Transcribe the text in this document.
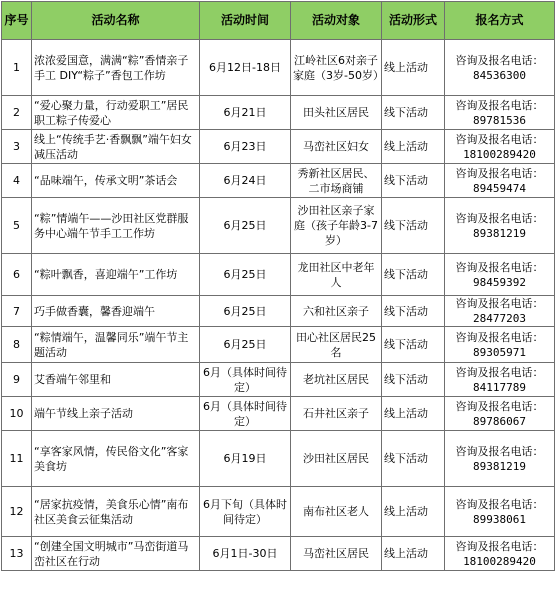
序号	活动名称	活动时间	活动对象	活动形式	报名方式
1	浓浓爱国意，满满“粽”香情亲子手工 DIY“粽子”香包工作坊	6月12日-18日	江岭社区6对亲子家庭（3岁-50岁）	线上活动	咨询及报名电话：
84536300

2	“爱心聚力量，行动爱职工”居民职工粽子传爱心	6月21日	田头社区居民	线下活动	咨询及报名电话：
89781536

3	线上“传统手艺·香飘飘”端午妇女减压活动	6月23日	马峦社区妇女	线上活动	咨询及报名电话：
18100289420

4	“品味端午，传承文明”茶话会	6月24日	秀新社区居民、二市场商铺	线下活动	咨询及报名电话：
89459474

5	“粽”情端午——沙田社区党群服务中心端午节手工工作坊	6月25日	沙田社区亲子家庭（孩子年龄3-7岁）	线下活动	咨询及报名电话：
89381219

6	“粽叶飘香，喜迎端午”工作坊	6月25日	龙田社区中老年人	线下活动	咨询及报名电话：
98459392

7	巧手做香囊，馨香迎端午	6月25日	六和社区亲子	线下活动	咨询及报名电话：
28477203

8	“粽情端午，温馨同乐”端午节主题活动	6月25日	田心社区居民25名	线下活动	咨询及报名电话：
89305971

9	艾香端午邻里和	6月（具体时间待定）	老坑社区居民	线下活动	咨询及报名电话：
84117789

10	端午节线上亲子活动	6月（具体时间待定）	石井社区亲子	线上活动	咨询及报名电话：
89786067

11	“享客家风情，传民俗文化”客家美食坊	6月19日	沙田社区居民	线下活动	咨询及报名电话：
89381219

12	“居家抗疫情，美食乐心情”南布社区美食云征集活动	6月下旬（具体时间待定）	南布社区老人	线上活动	咨询及报名电话：
89938061

13	“创建全国文明城市”马峦街道马峦社区在行动	6月1日-30日	马峦社区居民	线上活动	咨询及报名电话：
18100289420
